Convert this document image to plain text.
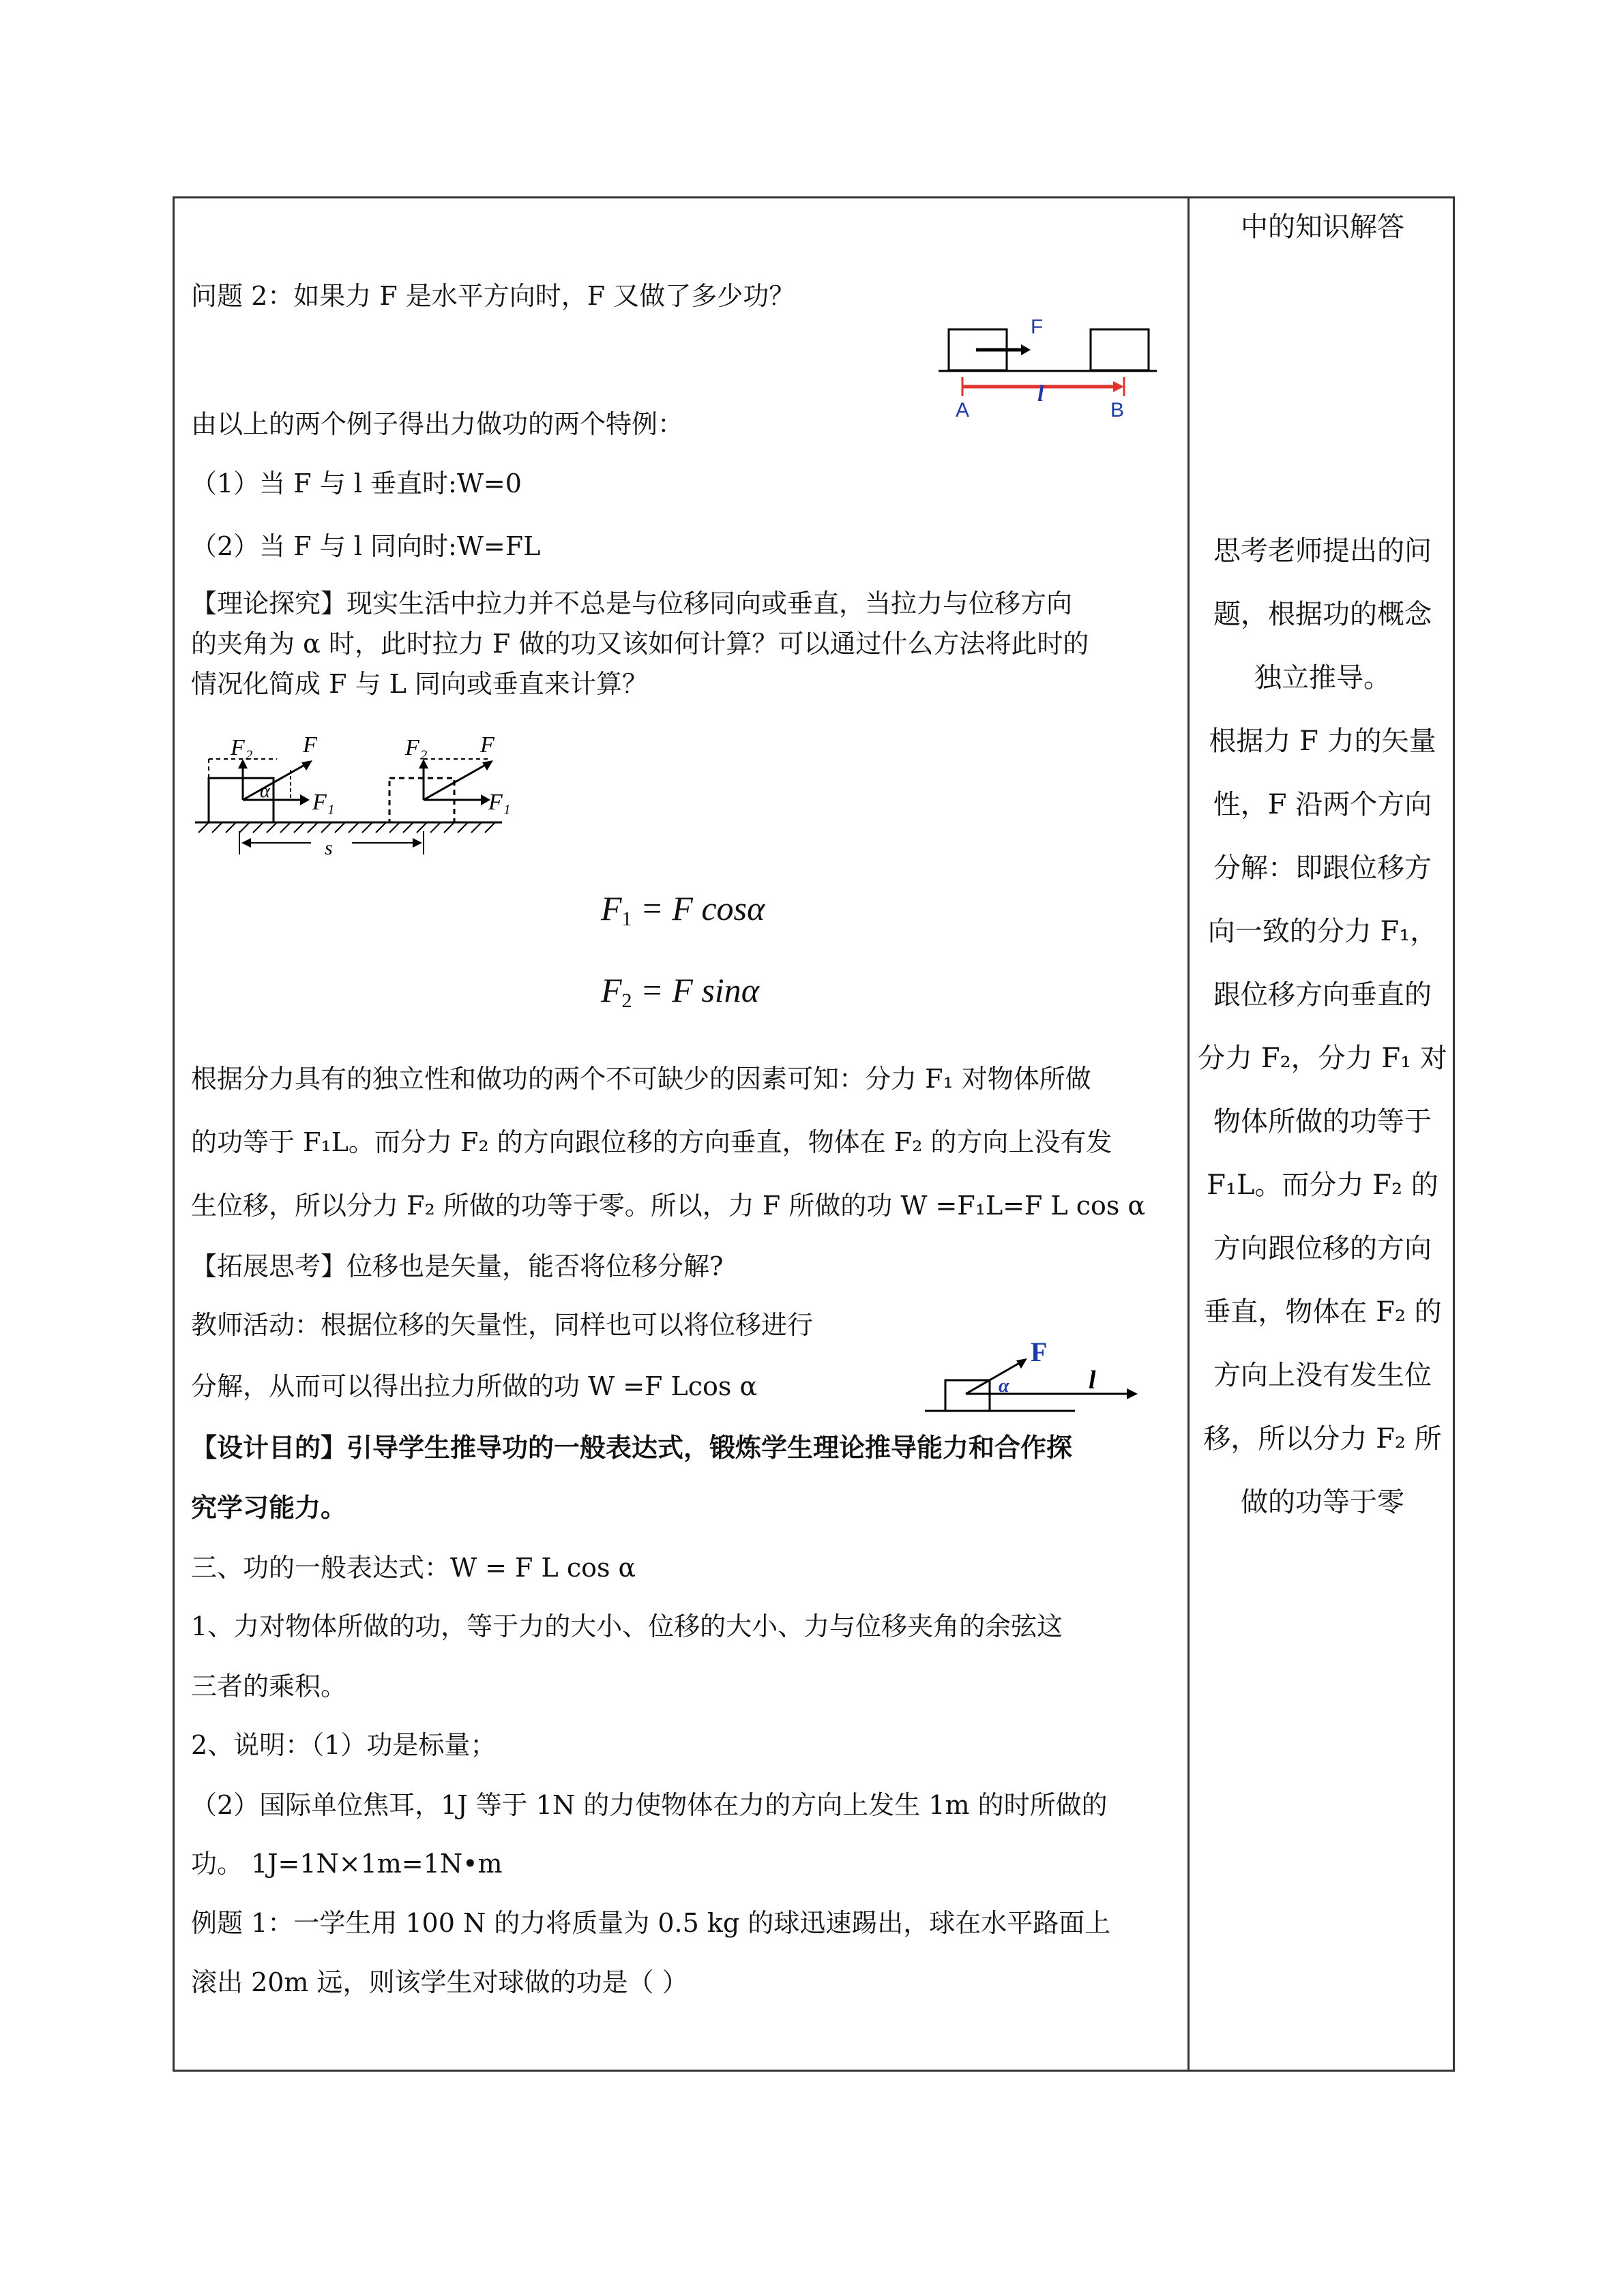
问题 2：如果力 F 是水平方向时，F 又做了多少功？
由以上的两个例子得出力做功的两个特例：
（1）当 F 与 l 垂直时:W=0
（2）当 F 与 l 同向时:W=FL
【理论探究】现实生活中拉力并不总是与位移同向或垂直，当拉力与位移方向
的夹角为 α 时，此时拉力 F 做的功又该如何计算？可以通过什么方法将此时的
情况化简成 F 与 L 同向或垂直来计算？
F1 = F cosα
F2 = F sinα
根据分力具有的独立性和做功的两个不可缺少的因素可知：分力 F₁ 对物体所做
的功等于 F₁L。而分力 F₂ 的方向跟位移的方向垂直，物体在 F₂ 的方向上没有发
生位移，所以分力 F₂ 所做的功等于零。所以，力 F 所做的功 W =F₁L=F L cos α
【拓展思考】位移也是矢量，能否将位移分解?
教师活动：根据位移的矢量性，同样也可以将位移进行
分解，从而可以得出拉力所做的功 W =F Lcos α
【设计目的】引导学生推导功的一般表达式，锻炼学生理论推导能力和合作探
究学习能力。
三、功的一般表达式：W = F L cos α
1、力对物体所做的功，等于力的大小、位移的大小、力与位移夹角的余弦这
三者的乘积。
2、说明：（1）功是标量；
（2）国际单位焦耳，1J 等于 1N 的力使物体在力的方向上发生 1m 的时所做的
功。 1J=1N×1m=1N•m
例题 1：一学生用 100 N 的力将质量为 0.5 kg 的球迅速踢出，球在水平路面上
滚出 20m 远，则该学生对球做的功是（ ）
F
A
l
B
F₂ F
α F₁
F₂ F
F₁
s
F
α	l
中的知识解答
思考老师提出的问
题，根据功的概念
独立推导。
根据力 F 力的矢量
性，F 沿两个方向
分解：即跟位移方
向一致的分力 F₁，
跟位移方向垂直的
分力 F₂，分力 F₁ 对
物体所做的功等于
F₁L。而分力 F₂ 的
方向跟位移的方向
垂直，物体在 F₂ 的
方向上没有发生位
移，所以分力 F₂ 所
做的功等于零
